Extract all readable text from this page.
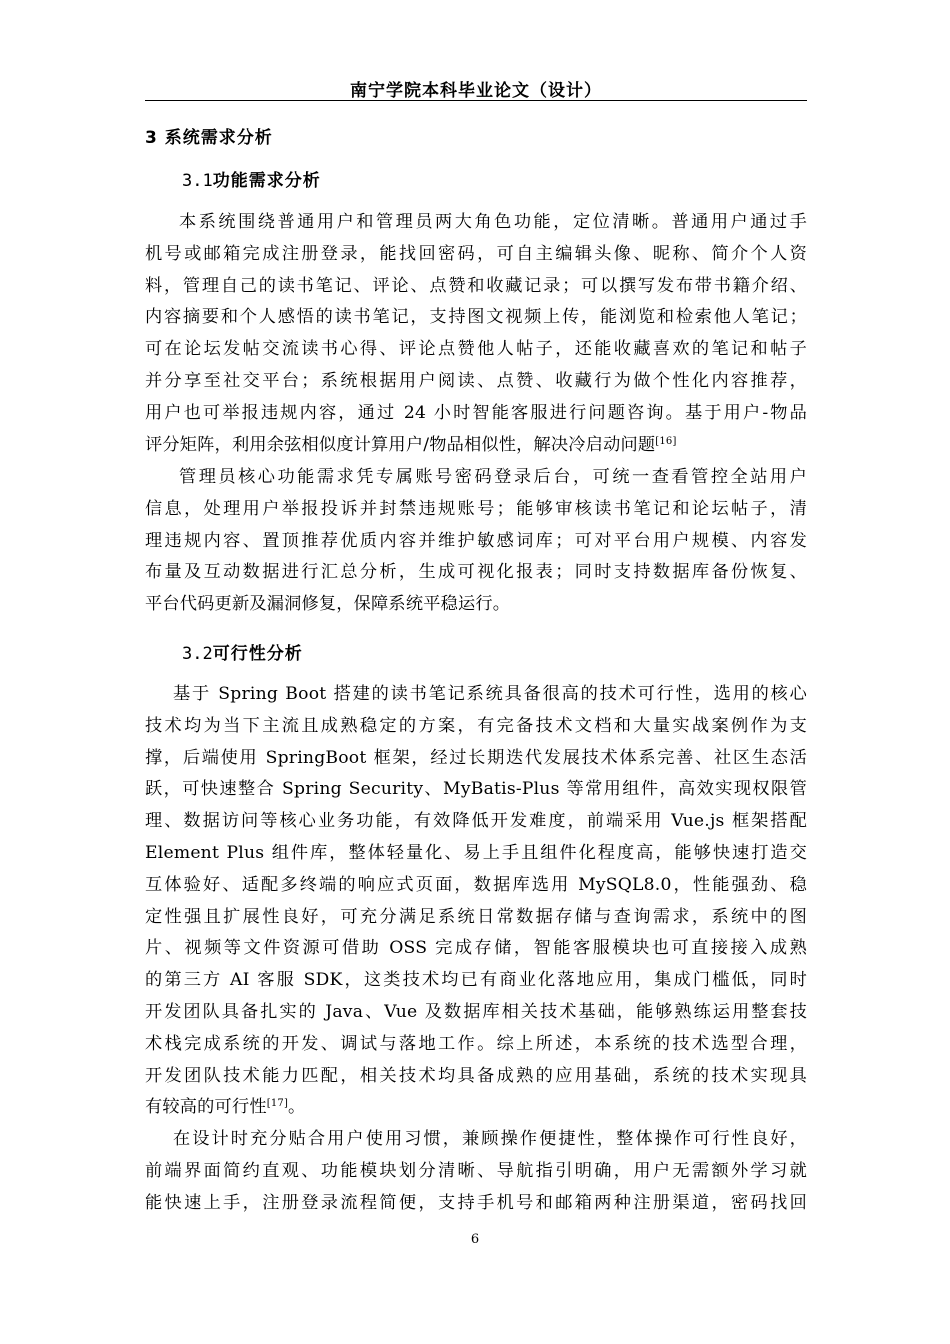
南宁学院本科毕业论文（设计）
3 系统需求分析
3.1功能需求分析
本系统围绕普通用户和管理员两大角色功能，定位清晰。普通用户通过手
机号或邮箱完成注册登录，能找回密码，可自主编辑头像、昵称、简介个人资
料，管理自己的读书笔记、评论、点赞和收藏记录；可以撰写发布带书籍介绍、
内容摘要和个人感悟的读书笔记，支持图文视频上传，能浏览和检索他人笔记；
可在论坛发帖交流读书心得、评论点赞他人帖子，还能收藏喜欢的笔记和帖子
并分享至社交平台；系统根据用户阅读、点赞、收藏行为做个性化内容推荐，
用户也可举报违规内容，通过 24 小时智能客服进行问题咨询。基于用户-物品
评分矩阵，利用余弦相似度计算用户/物品相似性，解决冷启动问题[16]
管理员核心功能需求凭专属账号密码登录后台，可统一查看管控全站用户
信息，处理用户举报投诉并封禁违规账号；能够审核读书笔记和论坛帖子，清
理违规内容、置顶推荐优质内容并维护敏感词库；可对平台用户规模、内容发
布量及互动数据进行汇总分析，生成可视化报表；同时支持数据库备份恢复、
平台代码更新及漏洞修复，保障系统平稳运行。
3.2可行性分析
基于 Spring Boot 搭建的读书笔记系统具备很高的技术可行性，选用的核心
技术均为当下主流且成熟稳定的方案，有完备技术文档和大量实战案例作为支
撑，后端使用 SpringBoot 框架，经过长期迭代发展技术体系完善、社区生态活
跃，可快速整合 Spring Security、MyBatis-Plus 等常用组件，高效实现权限管
理、数据访问等核心业务功能，有效降低开发难度，前端采用 Vue.js 框架搭配
Element Plus 组件库，整体轻量化、易上手且组件化程度高，能够快速打造交
互体验好、适配多终端的响应式页面，数据库选用 MySQL8.0，性能强劲、稳
定性强且扩展性良好，可充分满足系统日常数据存储与查询需求，系统中的图
片、视频等文件资源可借助 OSS 完成存储，智能客服模块也可直接接入成熟
的第三方 AI 客服 SDK，这类技术均已有商业化落地应用，集成门槛低，同时
开发团队具备扎实的 Java、Vue 及数据库相关技术基础，能够熟练运用整套技
术栈完成系统的开发、调试与落地工作。综上所述，本系统的技术选型合理，
开发团队技术能力匹配，相关技术均具备成熟的应用基础，系统的技术实现具
有较高的可行性[17]。
在设计时充分贴合用户使用习惯，兼顾操作便捷性，整体操作可行性良好，
前端界面简约直观、功能模块划分清晰、导航指引明确，用户无需额外学习就
能快速上手，注册登录流程简便，支持手机号和邮箱两种注册渠道，密码找回
6
